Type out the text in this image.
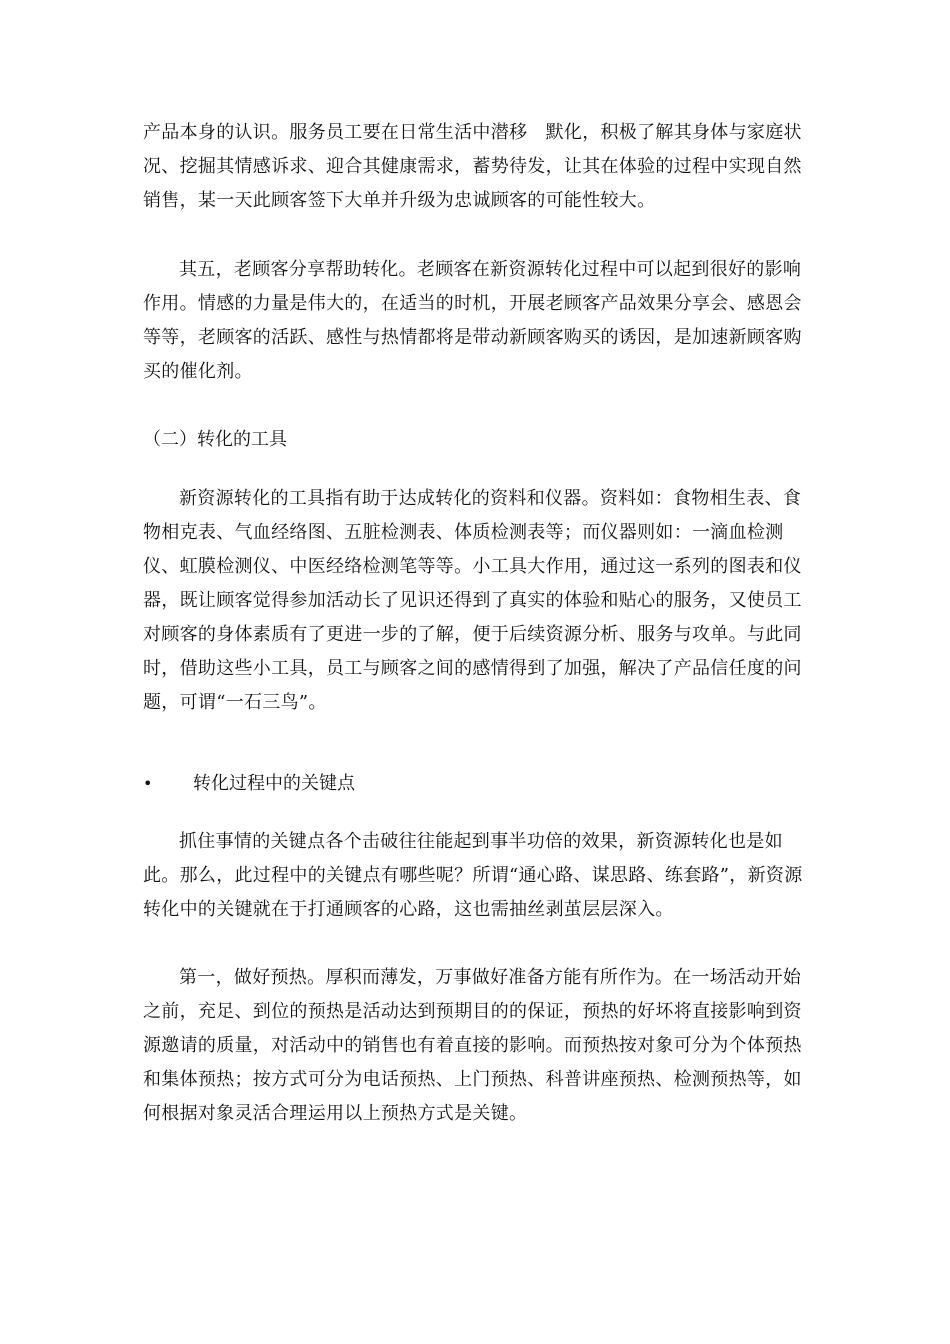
产品本身的认识。服务员工要在日常生活中潜移　默化，积极了解其身体与家庭状况、挖掘其情感诉求、迎合其健康需求，蓄势待发，让其在体验的过程中实现自然销售，某一天此顾客签下大单并升级为忠诚顾客的可能性较大。

其五，老顾客分享帮助转化。老顾客在新资源转化过程中可以起到很好的影响作用。情感的力量是伟大的，在适当的时机，开展老顾客产品效果分享会、感恩会等等，老顾客的活跃、感性与热情都将是带动新顾客购买的诱因，是加速新顾客购买的催化剂。

（二）转化的工具

新资源转化的工具指有助于达成转化的资料和仪器。资料如：食物相生表、食物相克表、气血经络图、五脏检测表、体质检测表等；而仪器则如：一滴血检测仪、虹膜检测仪、中医经络检测笔等等。小工具大作用，通过这一系列的图表和仪器，既让顾客觉得参加活动长了见识还得到了真实的体验和贴心的服务，又使员工对顾客的身体素质有了更进一步的了解，便于后续资源分析、服务与攻单。与此同时，借助这些小工具，员工与顾客之间的感情得到了加强，解决了产品信任度的问题，可谓“一石三鸟”。

•	转化过程中的关键点

抓住事情的关键点各个击破往往能起到事半功倍的效果，新资源转化也是如此。那么，此过程中的关键点有哪些呢？所谓“通心路、谋思路、练套路”，新资源转化中的关键就在于打通顾客的心路，这也需抽丝剥茧层层深入。

第一，做好预热。厚积而薄发，万事做好准备方能有所作为。在一场活动开始之前，充足、到位的预热是活动达到预期目的的保证，预热的好坏将直接影响到资源邀请的质量，对活动中的销售也有着直接的影响。而预热按对象可分为个体预热和集体预热；按方式可分为电话预热、上门预热、科普讲座预热、检测预热等，如何根据对象灵活合理运用以上预热方式是关键。
